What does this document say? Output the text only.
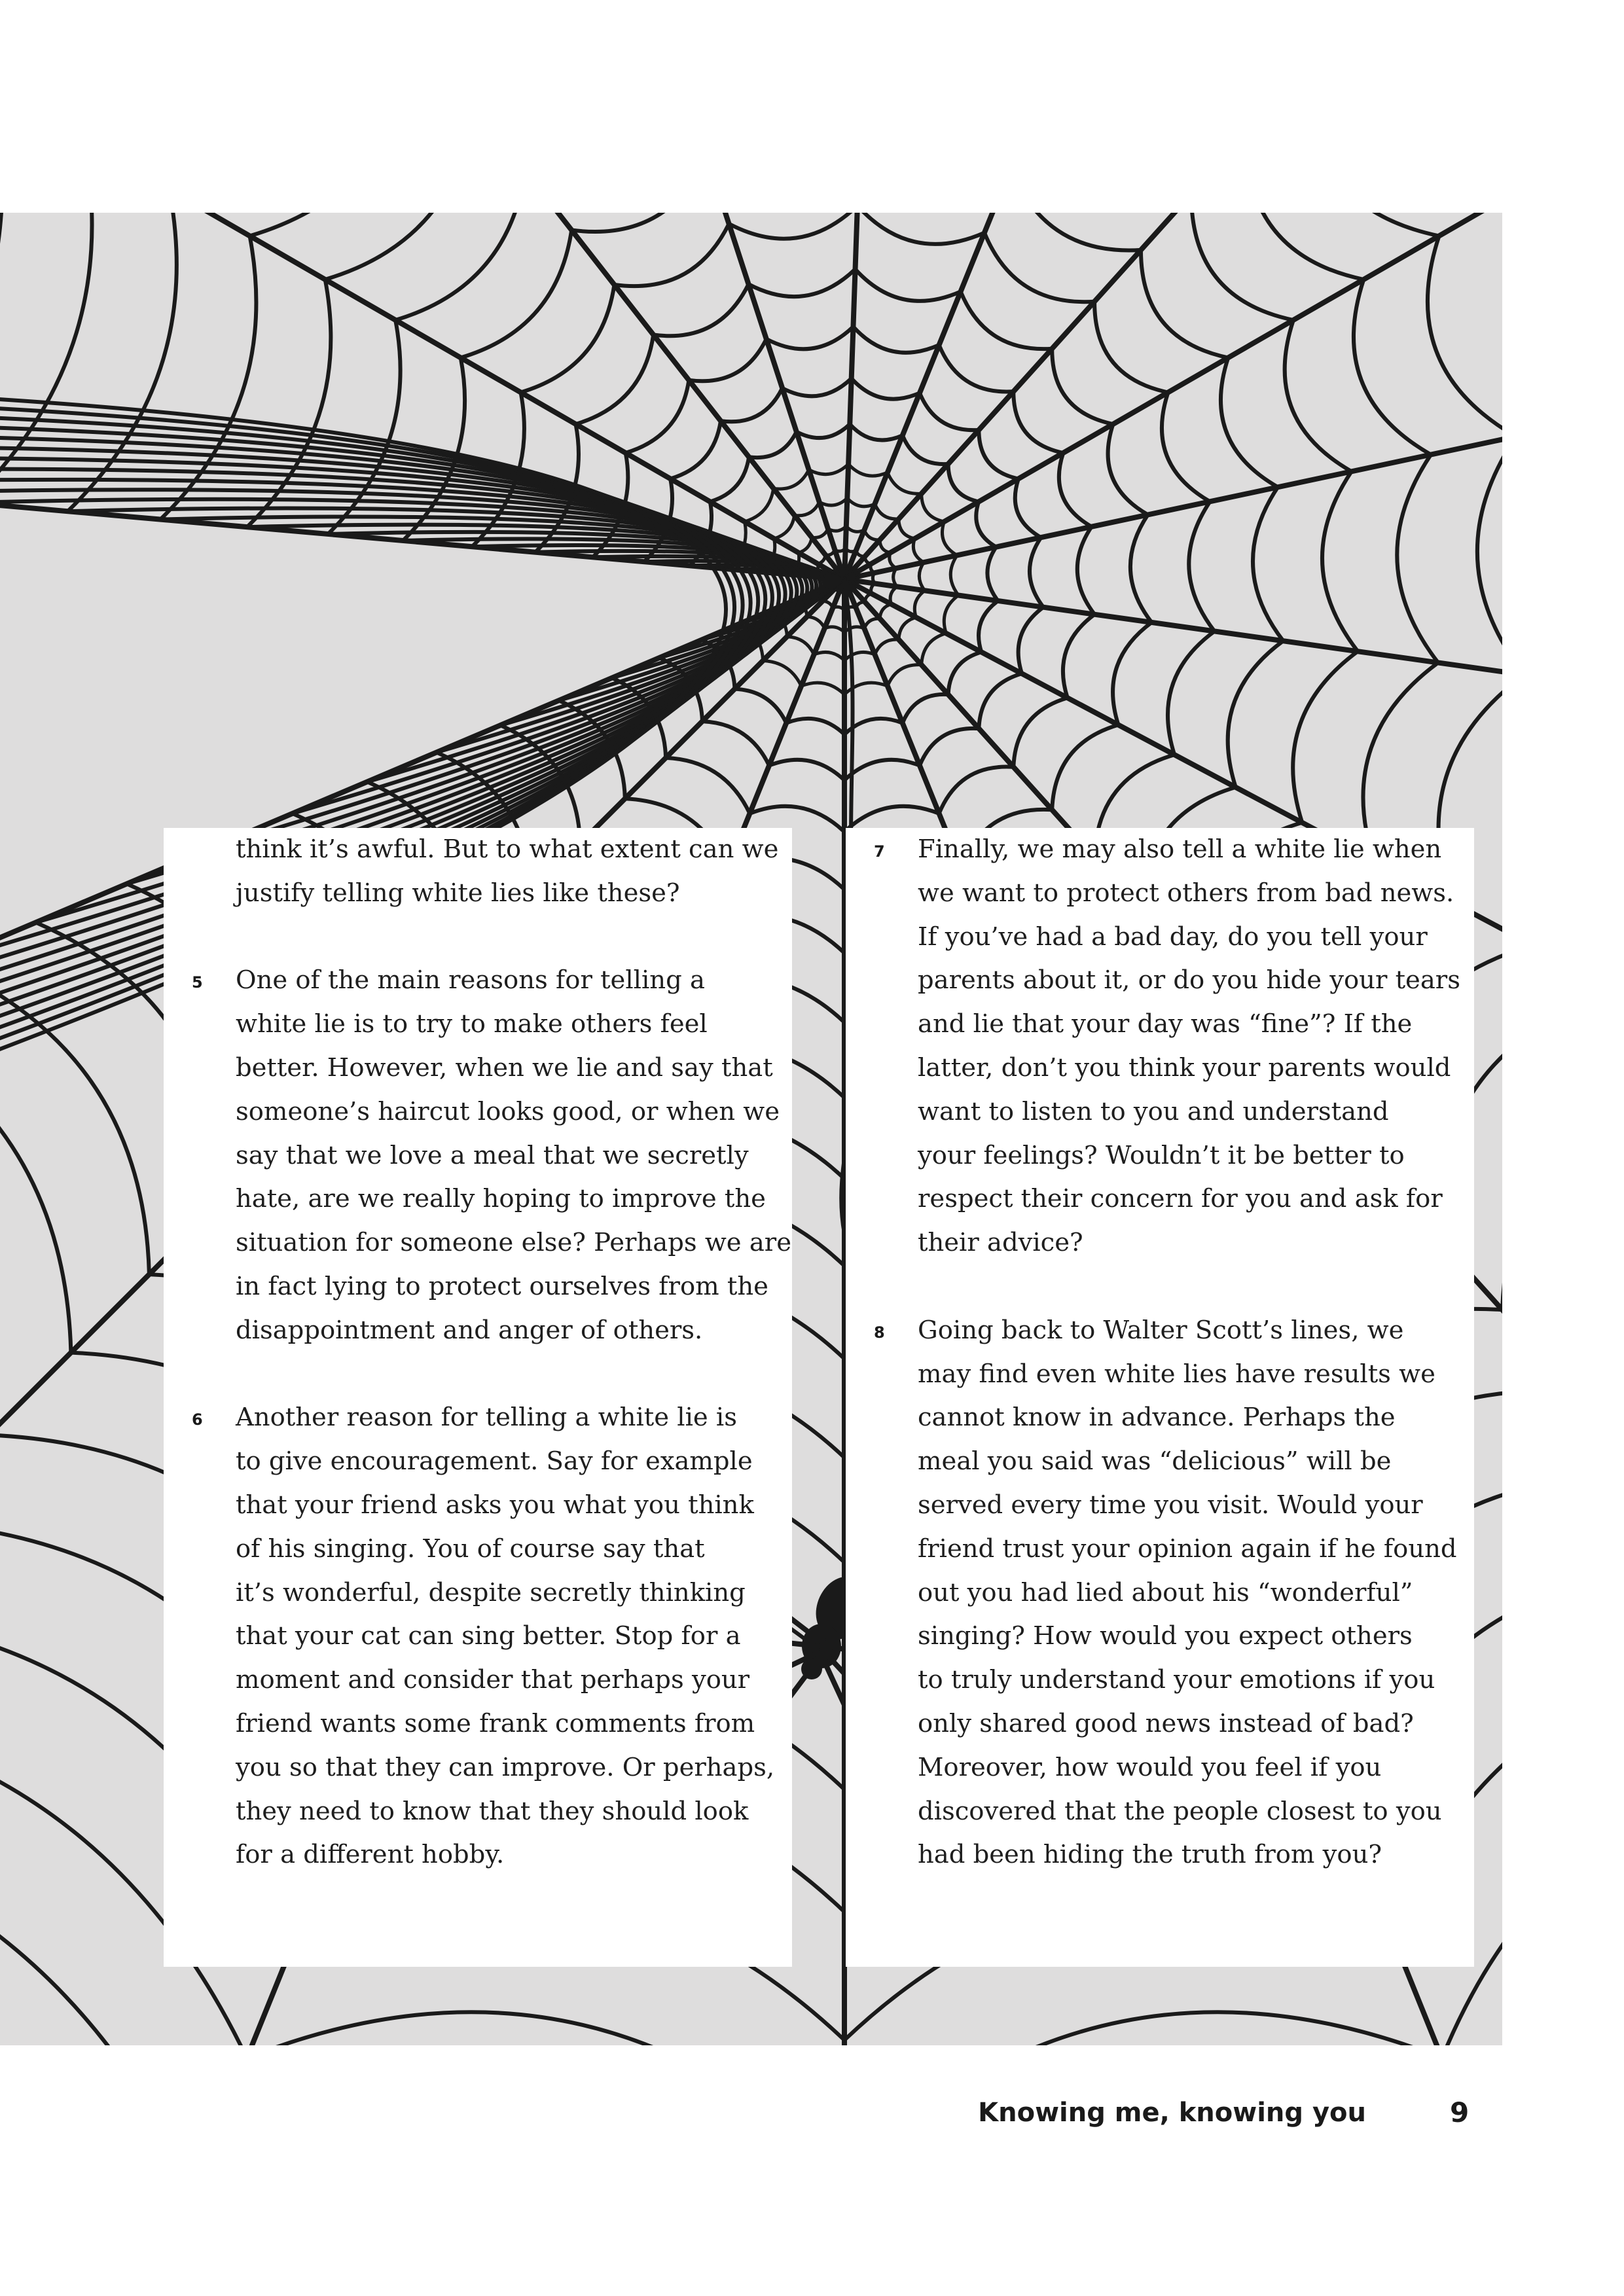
think it’s awful. But to what extent can we
justify telling white lies like these?
5 One of the main reasons for telling a
white lie is to try to make others feel
better. However, when we lie and say that
someone’s haircut looks good, or when we
say that we love a meal that we secretly
hate, are we really hoping to improve the
situation for someone else? Perhaps we are
in fact lying to protect ourselves from the
disappointment and anger of others.
6 Another reason for telling a white lie is
to give encouragement. Say for example
that your friend asks you what you think
of his singing. You of course say that
it’s wonderful, despite secretly thinking
that your cat can sing better. Stop for a
moment and consider that perhaps your
friend wants some frank comments from
you so that they can improve. Or perhaps,
they need to know that they should look
for a different hobby.
7 Finally, we may also tell a white lie when
we want to protect others from bad news.
If you’ve had a bad day, do you tell your
parents about it, or do you hide your tears
and lie that your day was “fine”? If the
latter, don’t you think your parents would
want to listen to you and understand
your feelings? Wouldn’t it be better to
respect their concern for you and ask for
their advice?
8 Going back to Walter Scott’s lines, we
may find even white lies have results we
cannot know in advance. Perhaps the
meal you said was “delicious” will be
served every time you visit. Would your
friend trust your opinion again if he found
out you had lied about his “wonderful”
singing? How would you expect others
to truly understand your emotions if you
only shared good news instead of bad?
Moreover, how would you feel if you
discovered that the people closest to you
had been hiding the truth from you?
Knowing me, knowing you	9
